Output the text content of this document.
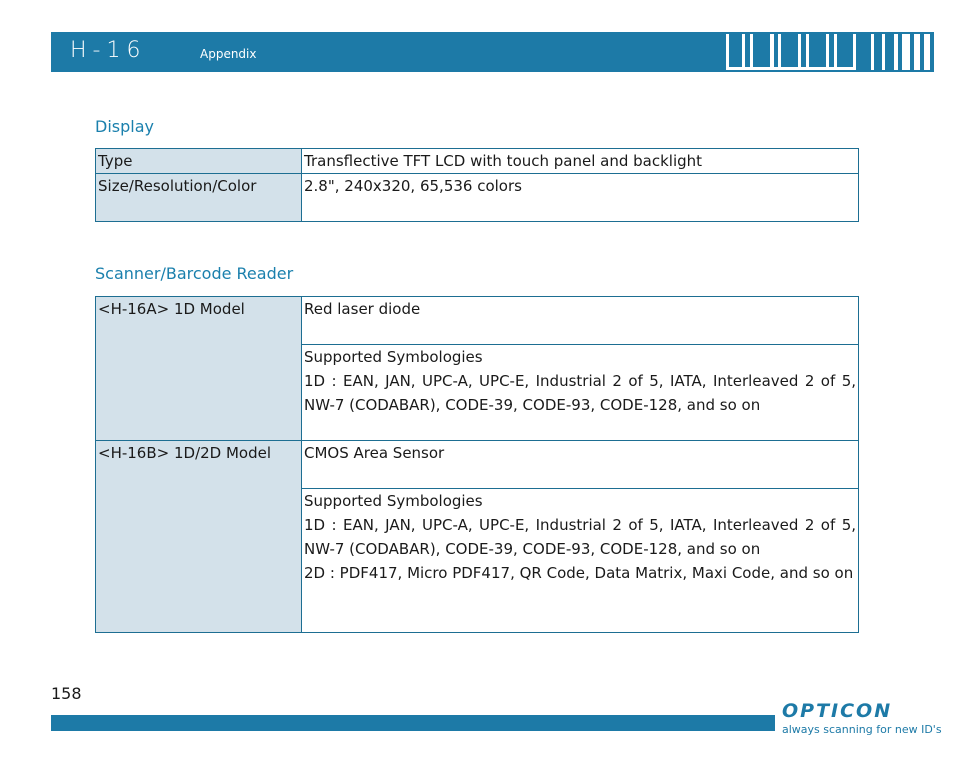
H-16	Appendix
Display
Type	Transflective TFT LCD with touch panel and backlight
Size/Resolution/Color	2.8", 240x320, 65,536 colors
Scanner/Barcode Reader
<H-16A> 1D Model	Red laser diode

	Supported Symbologies
1D : EAN, JAN, UPC-A, UPC-E, Industrial 2 of 5, IATA, Interleaved 2 of 5, NW-7 (CODABAR), CODE-39, CODE-93, CODE-128, and so on

<H-16B> 1D/2D Model	CMOS Area Sensor

	Supported Symbologies
1D : EAN, JAN, UPC-A, UPC-E, Industrial 2 of 5, IATA, Interleaved 2 of 5, NW-7 (CODABAR), CODE-39, CODE-93, CODE-128, and so on
2D : PDF417, Micro PDF417, QR Code, Data Matrix, Maxi Code, and so on
158
OPTICON
always scanning for new ID's
